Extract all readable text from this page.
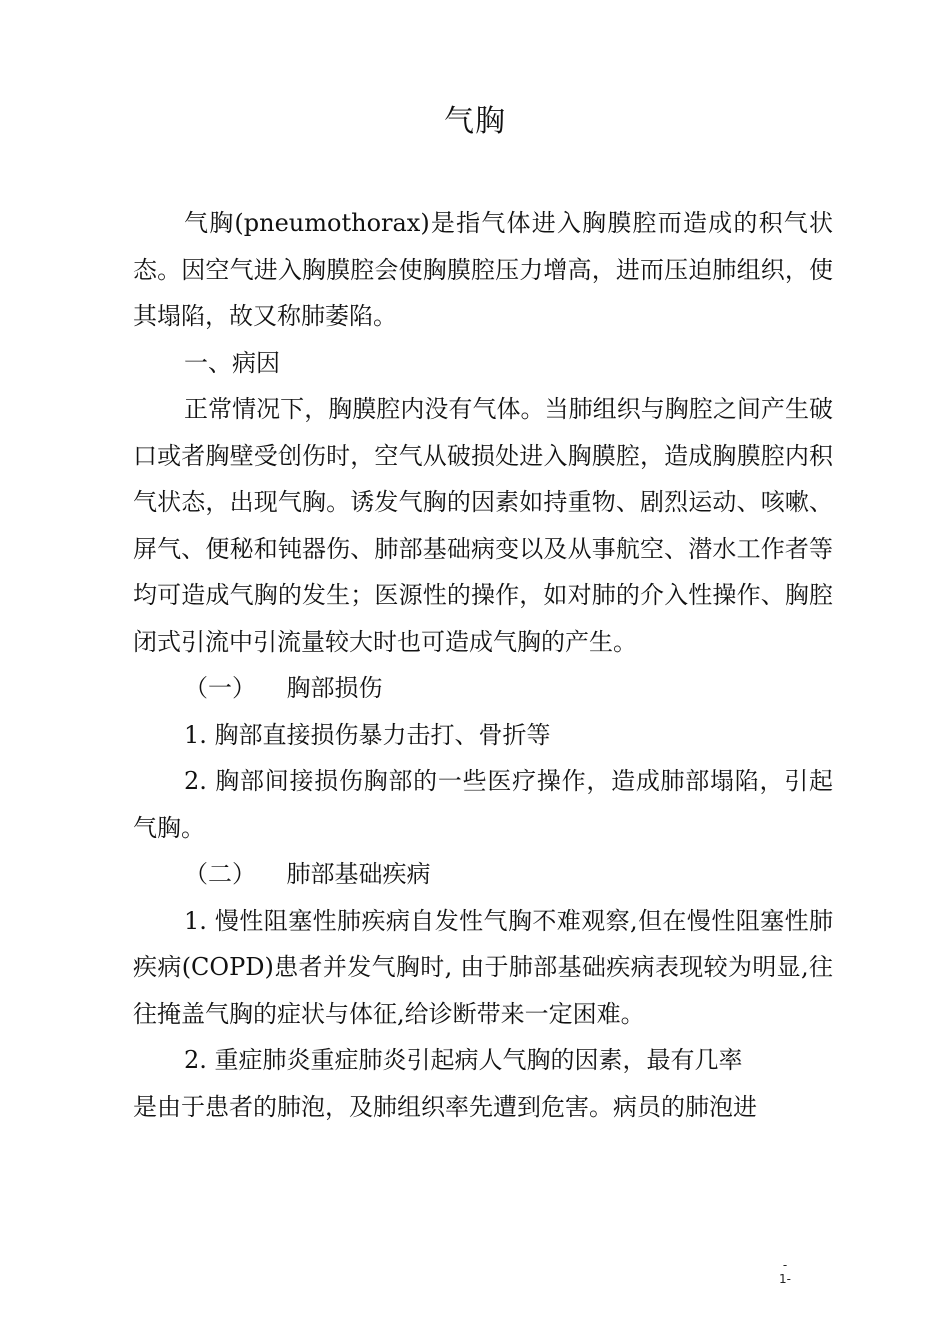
气胸

气胸(pneumothorax)是指气体进入胸膜腔而造成的积气状态。因空气进入胸膜腔会使胸膜腔压力增高，进而压迫肺组织，使其塌陷，故又称肺萎陷。

一、病因

正常情况下，胸膜腔内没有气体。当肺组织与胸腔之间产生破口或者胸壁受创伤时，空气从破损处进入胸膜腔，造成胸膜腔内积气状态，出现气胸。诱发气胸的因素如持重物、剧烈运动、咳嗽、屏气、便秘和钝器伤、肺部基础病变以及从事航空、潜水工作者等均可造成气胸的发生；医源性的操作，如对肺的介入性操作、胸腔闭式引流中引流量较大时也可造成气胸的产生。

（一）    胸部损伤

1. 胸部直接损伤暴力击打、骨折等

2. 胸部间接损伤胸部的一些医疗操作，造成肺部塌陷，引起气胸。

（二）    肺部基础疾病

1. 慢性阻塞性肺疾病自发性气胸不难观察,但在慢性阻塞性肺疾病(COPD)患者并发气胸时, 由于肺部基础疾病表现较为明显,往往掩盖气胸的症状与体征,给诊断带来一定困难。

2. 重症肺炎重症肺炎引起病人气胸的因素，最有几率

是由于患者的肺泡，及肺组织率先遭到危害。病员的肺泡进

-
1-
